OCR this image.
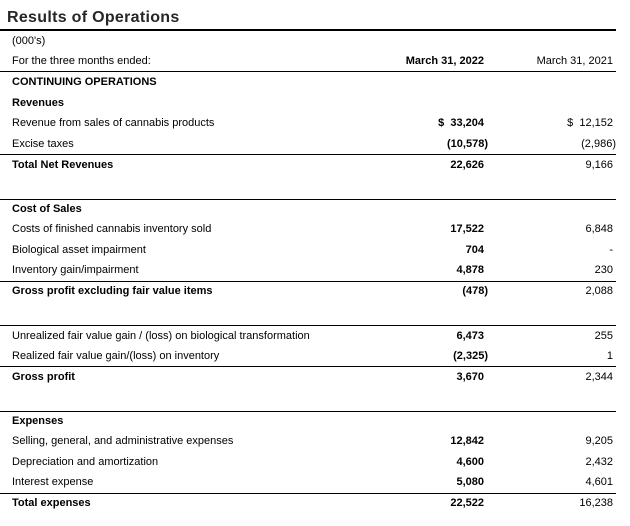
Results of Operations
(000's)
For the three months ended:	March 31, 2022	March 31, 2021
CONTINUING OPERATIONS
Revenues
Revenue from sales of cannabis products	$  33,204	$  12,152
Excise taxes	(10,578)	(2,986)
Total Net Revenues	22,626	9,166
Cost of Sales
Costs of finished cannabis inventory sold	17,522	6,848
Biological asset impairment	704	-
Inventory gain/impairment	4,878	230
Gross profit excluding fair value items	(478)	2,088
Unrealized fair value gain / (loss) on biological transformation	6,473	255
Realized fair value gain/(loss) on inventory	(2,325)	1
Gross profit	3,670	2,344
Expenses
Selling, general, and administrative expenses	12,842	9,205
Depreciation and amortization	4,600	2,432
Interest expense	5,080	4,601
Total expenses	22,522	16,238
